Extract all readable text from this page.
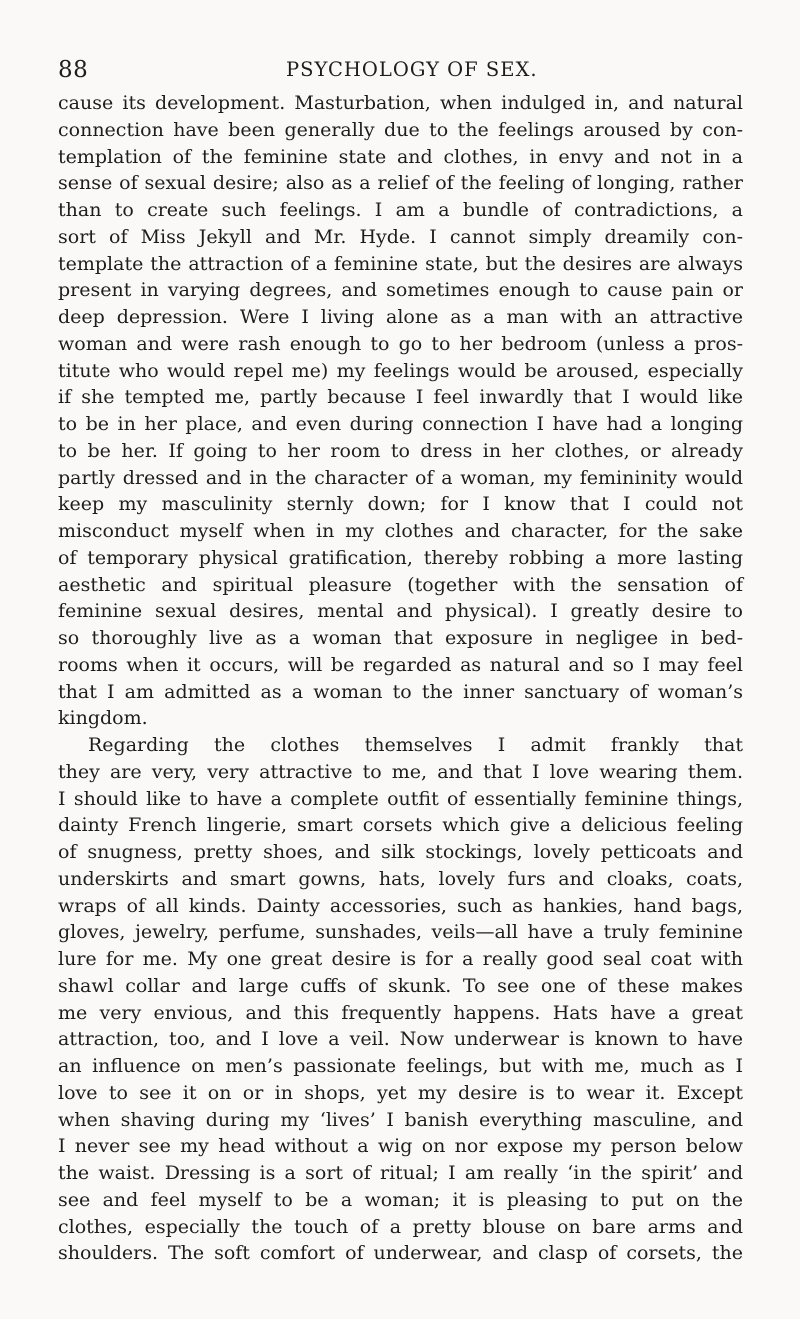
88	PSYCHOLOGY OF SEX.
cause its development. Masturbation, when indulged in, and natural
connection have been generally due to the feelings aroused by con-
templation of the feminine state and clothes, in envy and not in a
sense of sexual desire; also as a relief of the feeling of longing, rather
than to create such feelings. I am a bundle of contradictions, a
sort of Miss Jekyll and Mr. Hyde. I cannot simply dreamily con-
template the attraction of a feminine state, but the desires are always
present in varying degrees, and sometimes enough to cause pain or
deep depression. Were I living alone as a man with an attractive
woman and were rash enough to go to her bedroom (unless a pros-
titute who would repel me) my feelings would be aroused, especially
if she tempted me, partly because I feel inwardly that I would like
to be in her place, and even during connection I have had a longing
to be her. If going to her room to dress in her clothes, or already
partly dressed and in the character of a woman, my femininity would
keep my masculinity sternly down; for I know that I could not
misconduct myself when in my clothes and character, for the sake
of temporary physical gratification, thereby robbing a more lasting
aesthetic and spiritual pleasure (together with the sensation of
feminine sexual desires, mental and physical). I greatly desire to
so thoroughly live as a woman that exposure in negligee in bed-
rooms when it occurs, will be regarded as natural and so I may feel
that I am admitted as a woman to the inner sanctuary of woman’s
kingdom.
Regarding the clothes themselves I admit frankly that
they are very, very attractive to me, and that I love wearing them.
I should like to have a complete outfit of essentially feminine things,
dainty French lingerie, smart corsets which give a delicious feeling
of snugness, pretty shoes, and silk stockings, lovely petticoats and
underskirts and smart gowns, hats, lovely furs and cloaks, coats,
wraps of all kinds. Dainty accessories, such as hankies, hand bags,
gloves, jewelry, perfume, sunshades, veils—all have a truly feminine
lure for me. My one great desire is for a really good seal coat with
shawl collar and large cuffs of skunk. To see one of these makes
me very envious, and this frequently happens. Hats have a great
attraction, too, and I love a veil. Now underwear is known to have
an influence on men’s passionate feelings, but with me, much as I
love to see it on or in shops, yet my desire is to wear it. Except
when shaving during my ‘lives’ I banish everything masculine, and
I never see my head without a wig on nor expose my person below
the waist. Dressing is a sort of ritual; I am really ‘in the spirit’ and
see and feel myself to be a woman; it is pleasing to put on the
clothes, especially the touch of a pretty blouse on bare arms and
shoulders. The soft comfort of underwear, and clasp of corsets, the
